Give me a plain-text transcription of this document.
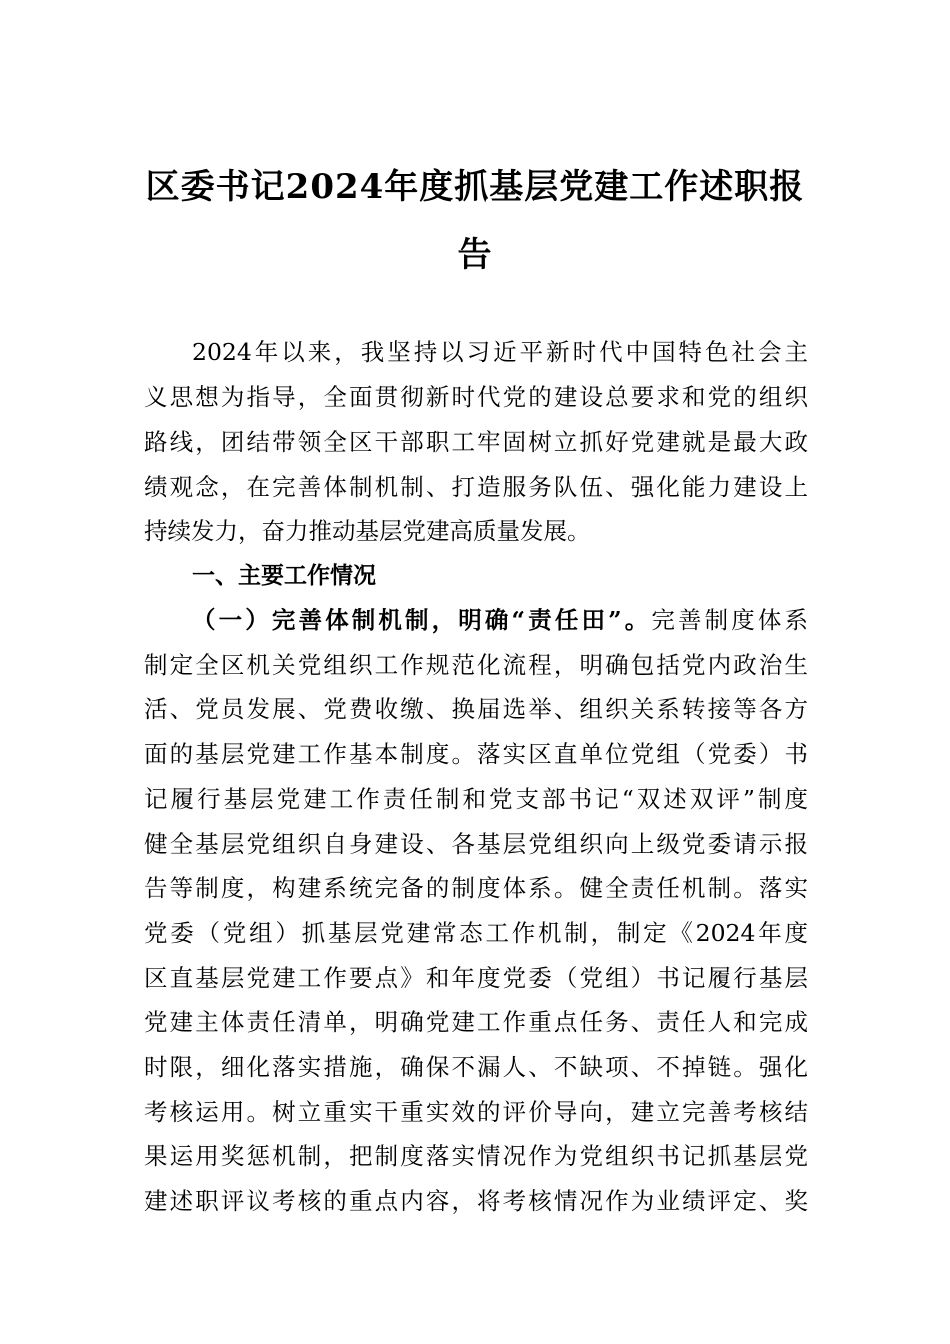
区委书记2024年度抓基层党建工作述职报
告
2024年以来，我坚持以习近平新时代中国特色社会主
义思想为指导，全面贯彻新时代党的建设总要求和党的组织
路线，团结带领全区干部职工牢固树立抓好党建就是最大政
绩观念，在完善体制机制、打造服务队伍、强化能力建设上
持续发力，奋力推动基层党建高质量发展。
一、主要工作情况
（一）完善体制机制，明确“责任田”。完善制度体系
制定全区机关党组织工作规范化流程，明确包括党内政治生
活、党员发展、党费收缴、换届选举、组织关系转接等各方
面的基层党建工作基本制度。落实区直单位党组（党委）书
记履行基层党建工作责任制和党支部书记“双述双评”制度
健全基层党组织自身建设、各基层党组织向上级党委请示报
告等制度，构建系统完备的制度体系。健全责任机制。落实
党委（党组）抓基层党建常态工作机制，制定《2024年度
区直基层党建工作要点》和年度党委（党组）书记履行基层
党建主体责任清单，明确党建工作重点任务、责任人和完成
时限，细化落实措施，确保不漏人、不缺项、不掉链。强化
考核运用。树立重实干重实效的评价导向，建立完善考核结
果运用奖惩机制，把制度落实情况作为党组织书记抓基层党
建述职评议考核的重点内容，将考核情况作为业绩评定、奖
